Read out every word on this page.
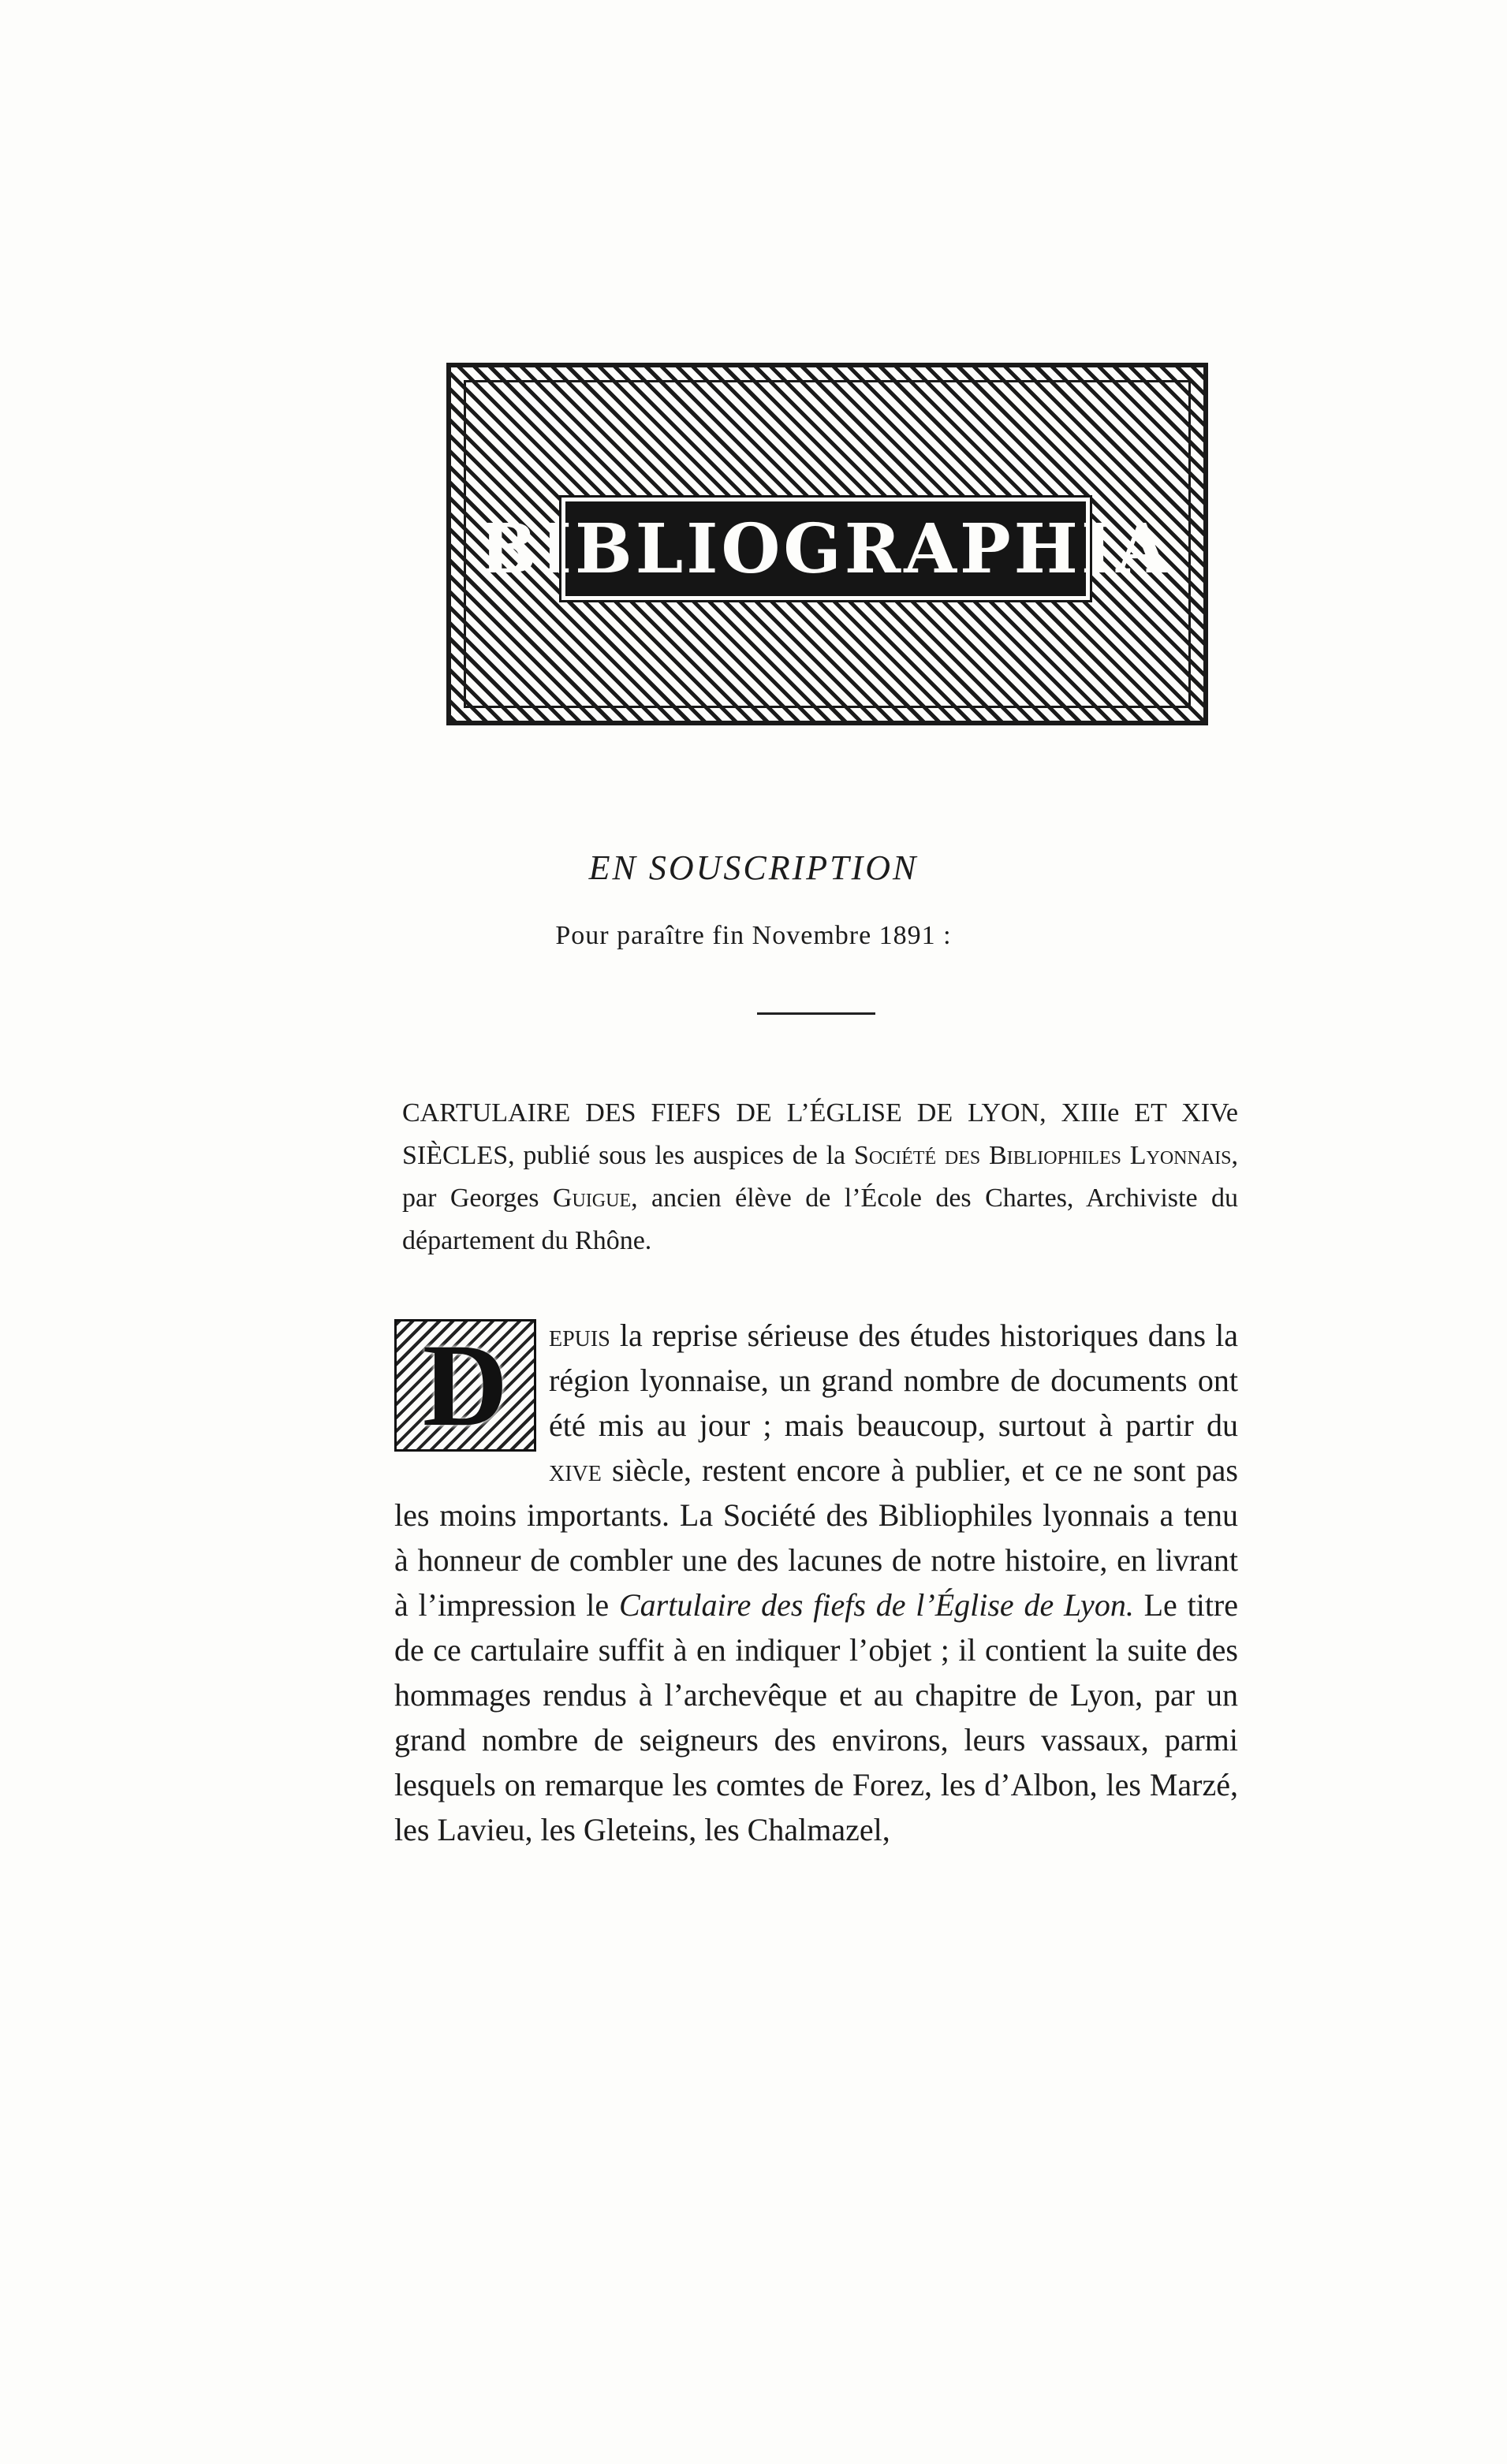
BIBLIOGRAPHIA
EN SOUSCRIPTION
Pour paraître fin Novembre 1891 :
CARTULAIRE DES FIEFS DE L’ÉGLISE DE LYON, XIIIe ET XIVe SIÈCLES, publié sous les auspices de la Société des Bibliophiles Lyonnais, par Georges Guigue, ancien élève de l’École des Chartes, Archiviste du département du Rhône.
D	epuis la reprise sérieuse des études historiques dans la région lyonnaise, un grand nombre de documents ont été mis au jour ; mais beaucoup, surtout à partir du xive siècle, restent encore à publier, et ce ne sont pas les moins importants. La Société des Bibliophiles lyonnais a tenu à honneur de combler une des lacunes de notre histoire, en livrant à l’impression le Cartulaire des fiefs de l’Église de Lyon. Le titre de ce cartulaire suffit à en indiquer l’objet ; il contient la suite des hommages rendus à l’archevêque et au chapitre de Lyon, par un grand nombre de seigneurs des environs, leurs vassaux, parmi lesquels on remarque les comtes de Forez, les d’Albon, les Marzé, les Lavieu, les Gleteins, les Chalmazel,
